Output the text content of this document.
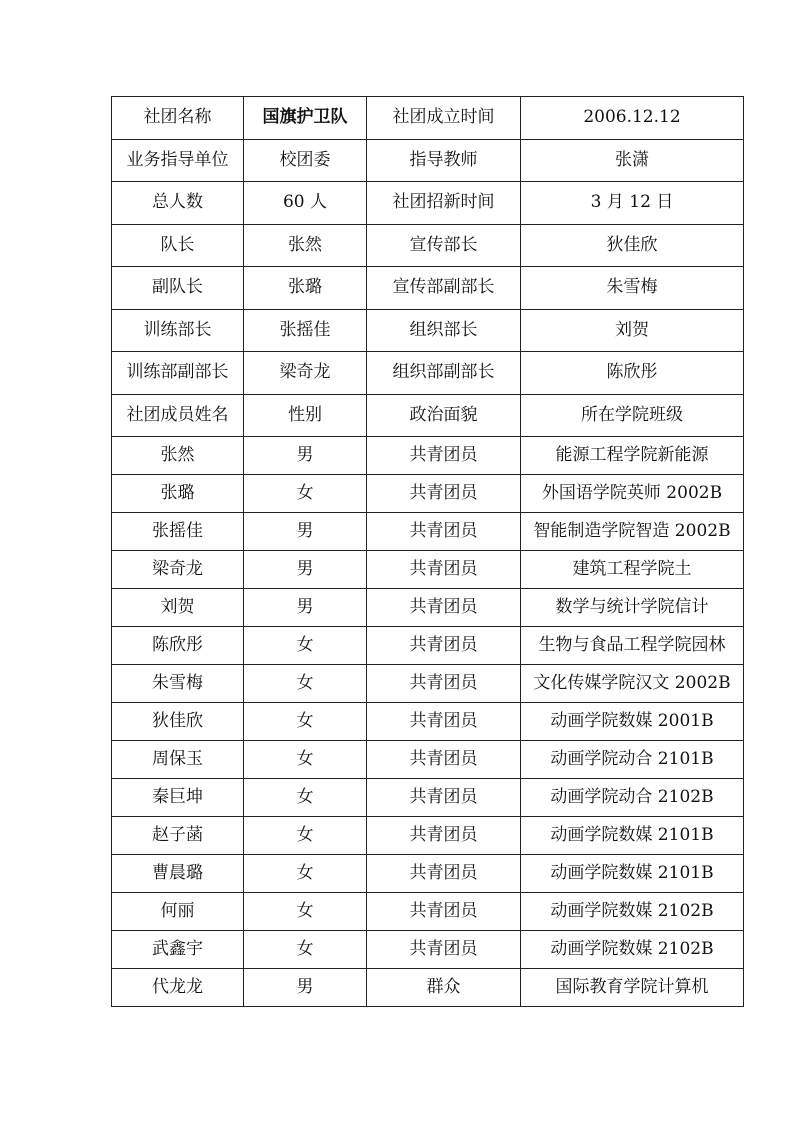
社团名称	国旗护卫队	社团成立时间	2006.12.12
业务指导单位	校团委	指导教师	张潇
总人数	60 人	社团招新时间	3 月 12 日
队长	张然	宣传部长	狄佳欣
副队长	张璐	宣传部副部长	朱雪梅
训练部长	张摇佳	组织部长	刘贺
训练部副部长	梁奇龙	组织部副部长	陈欣彤
社团成员姓名	性别	政治面貌	所在学院班级
张然	男	共青团员	能源工程学院新能源
张璐	女	共青团员	外国语学院英师 2002B
张摇佳	男	共青团员	智能制造学院智造 2002B
梁奇龙	男	共青团员	建筑工程学院土
刘贺	男	共青团员	数学与统计学院信计
陈欣彤	女	共青团员	生物与食品工程学院园林
朱雪梅	女	共青团员	文化传媒学院汉文 2002B
狄佳欣	女	共青团员	动画学院数媒 2001B
周保玉	女	共青团员	动画学院动合 2101B
秦巨坤	女	共青团员	动画学院动合 2102B
赵子菡	女	共青团员	动画学院数媒 2101B
曹晨璐	女	共青团员	动画学院数媒 2101B
何丽	女	共青团员	动画学院数媒 2102B
武鑫宇	女	共青团员	动画学院数媒 2102B
代龙龙	男	群众	国际教育学院计算机
